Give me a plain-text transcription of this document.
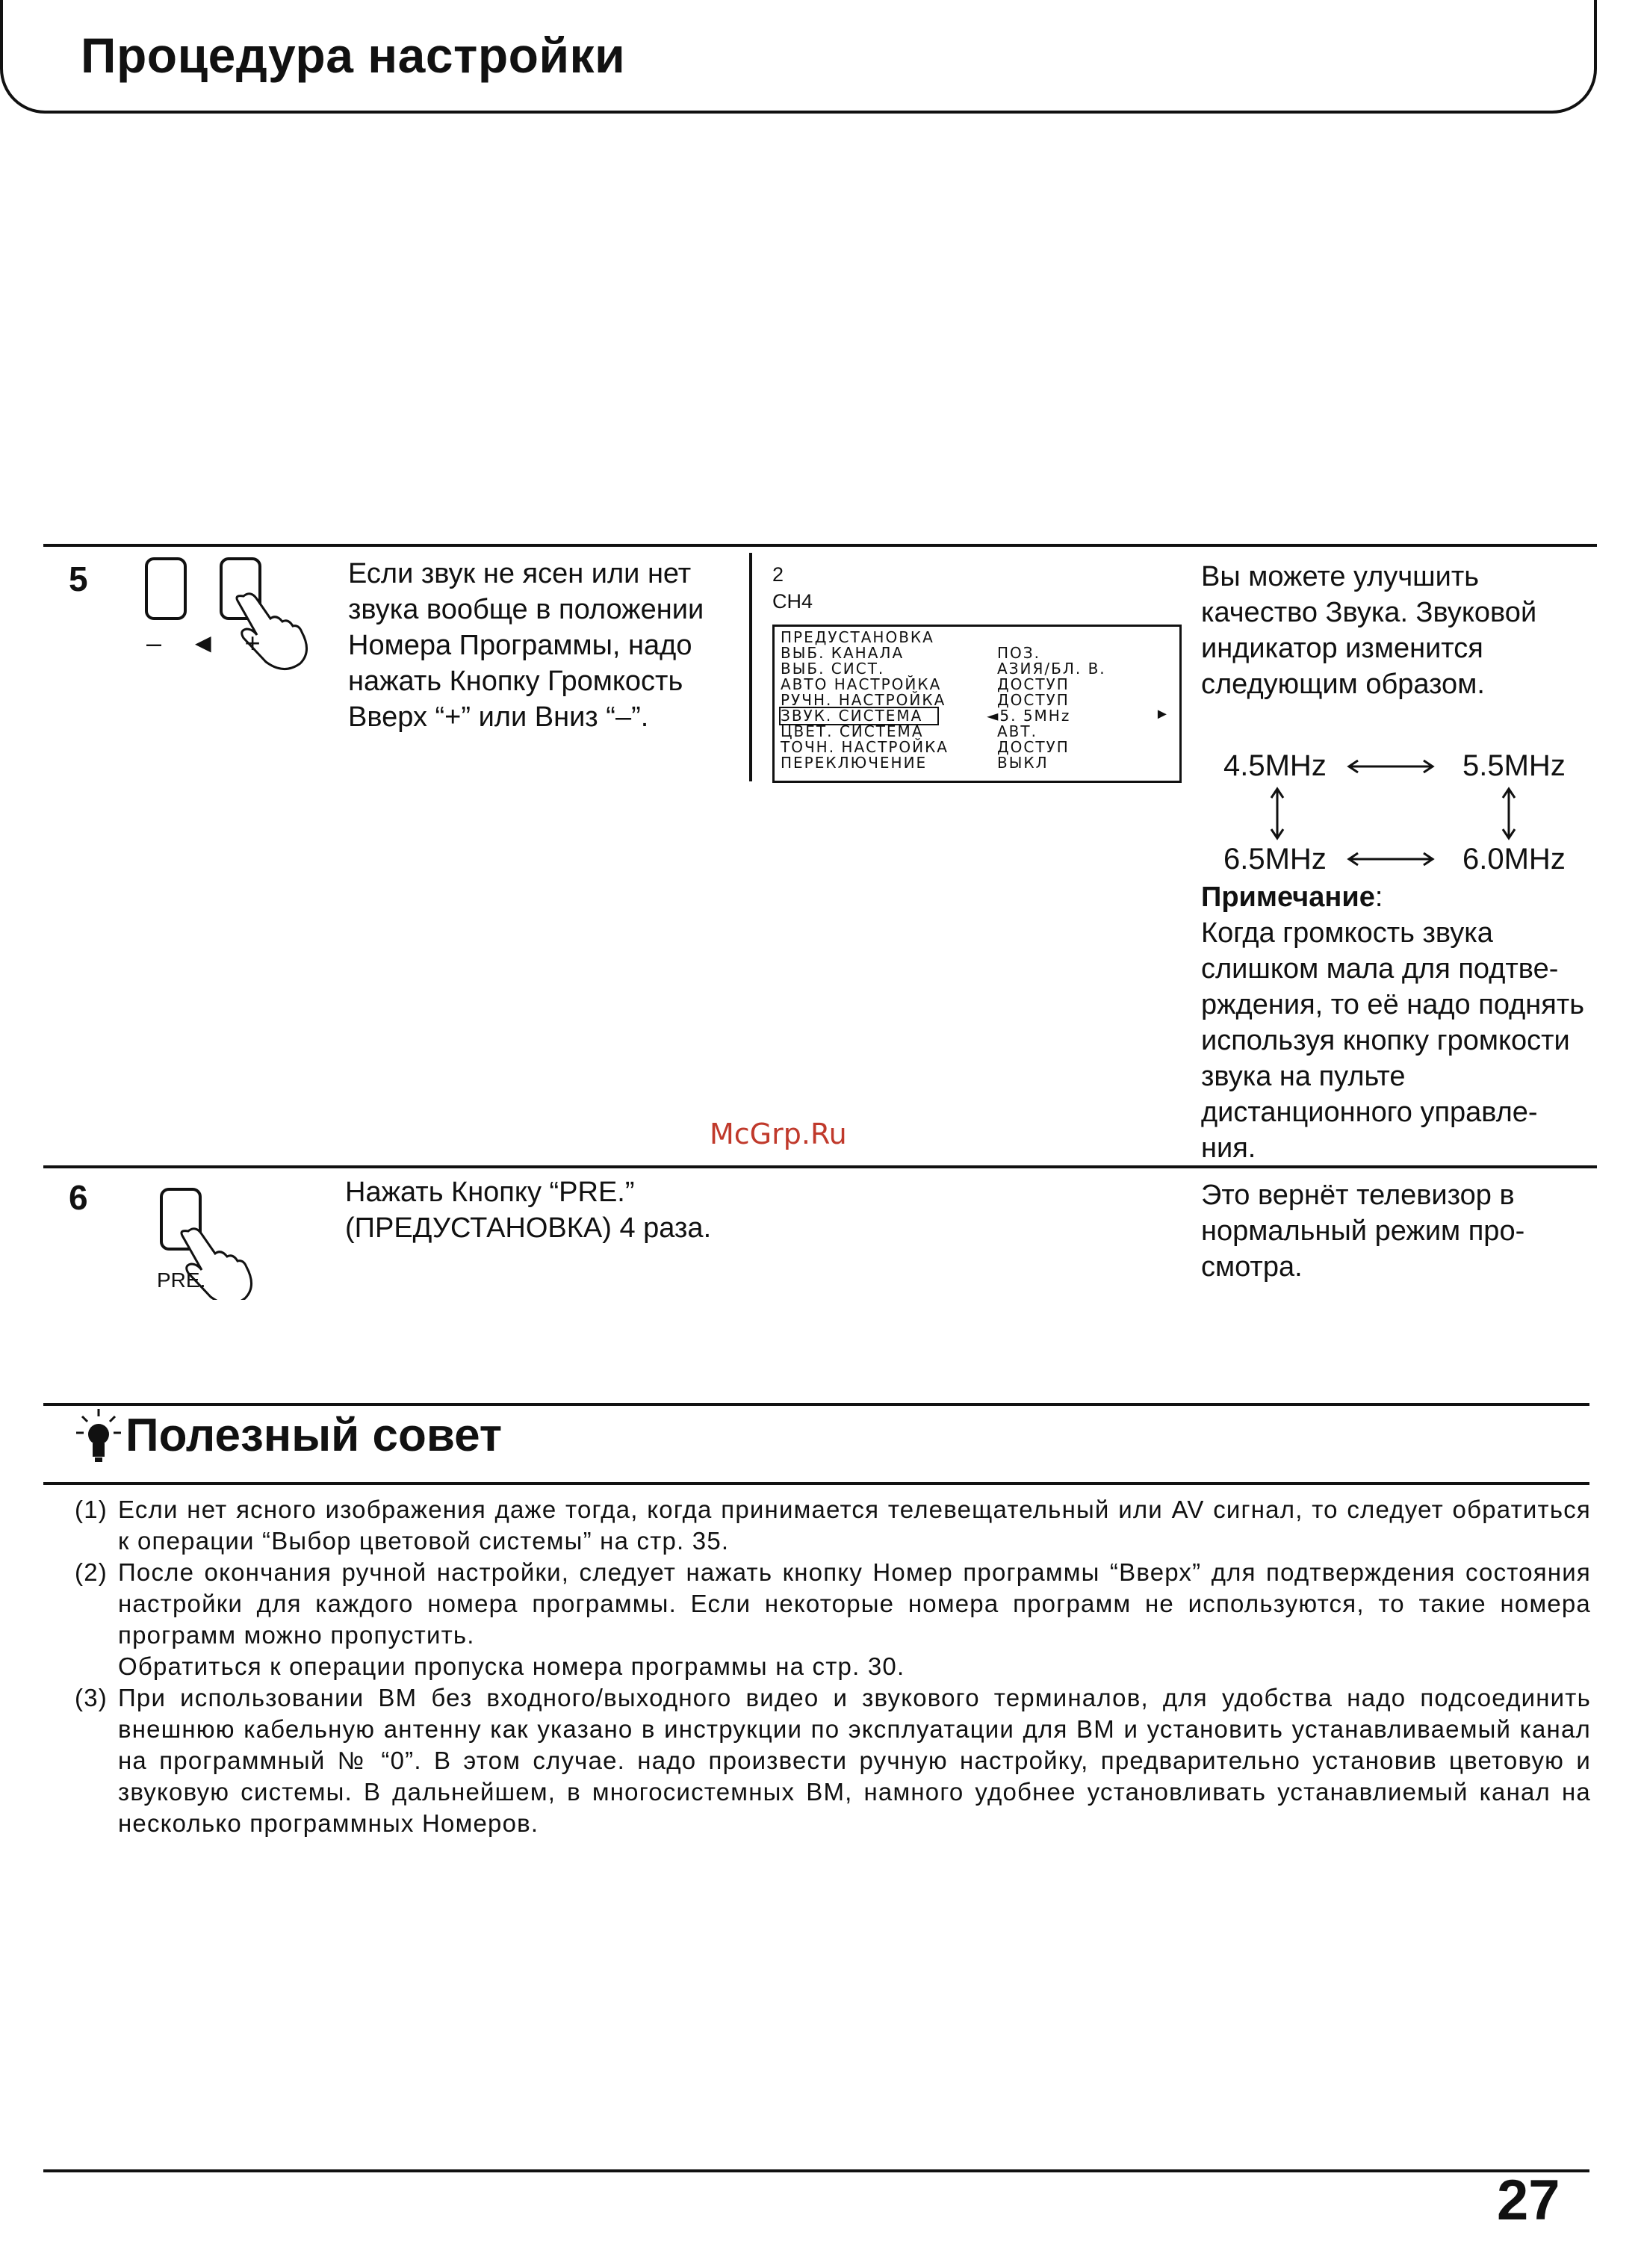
Процедура настройки
5
– ◄ +
Если звук не ясен или нет звука вообще в положении Номера Программы, надо нажать Кнопку Громкость Вверх “+” или Вниз “–”.
2
CH4
ПРЕДУСТАНОВКА
ВЫБ. КАНАЛА	ПОЗ.
ВЫБ. СИСТ.	АЗИЯ/БЛ. В.
АВТО НАСТРОЙКА	ДОСТУП
РУЧН. НАСТРОЙКА	ДОСТУП
ЗВУК. СИСТЕМА	◄5. 5MHz
ЦВЕТ. СИСТЕМА	АВТ.
ТОЧН. НАСТРОЙКА	ДОСТУП
ПЕРЕКЛЮЧЕНИЕ	ВЫКЛ
►
Вы можете улучшить качество Звука. Звуковой индикатор изменится следующим образом.
4.5MHz	5.5MHz
6.5MHz	6.0MHz
Примечание:
Когда громкость звука слишком мала для подтве-рждения, то её надо поднять используя кнопку громкости звука на пульте дистанционного управле-ния.
McGrp.Ru
6
PRE.
Нажать Кнопку “PRE.” (ПРЕДУСТАНОВКА) 4 раза.
Это вернёт телевизор в нормальный режим про-смотра.
Полезный совет
(1) Если нет ясного изображения даже тогда, когда принимается телевещательный или AV сигнал, то следует обратиться к операции “Выбор цветовой системы” на стр. 35.
(2) После окончания ручной настройки, следует нажать кнопку Номер программы “Вверх” для подтверждения состояния настройки для каждого номера программы. Если некоторые номера программ не используются, то такие номера программ можно пропустить.
Обратиться к операции пропуска номера программы на стр. 30.
(3) При использовании ВМ без входного/выходного видео и звукового терминалов, для удобства надо подсоединить внешнюю кабельную антенну как указано в инструкции по эксплуатации для ВМ и установить устанавливаемый канал на программный № “0”. В этом случае. надо произвести ручную настройку, предварительно установив цветовую и звуковую системы. В дальнейшем, в многосистемных ВМ, намного удобнее установливать устанавлиемый канал на несколько программных Номеров.
27
